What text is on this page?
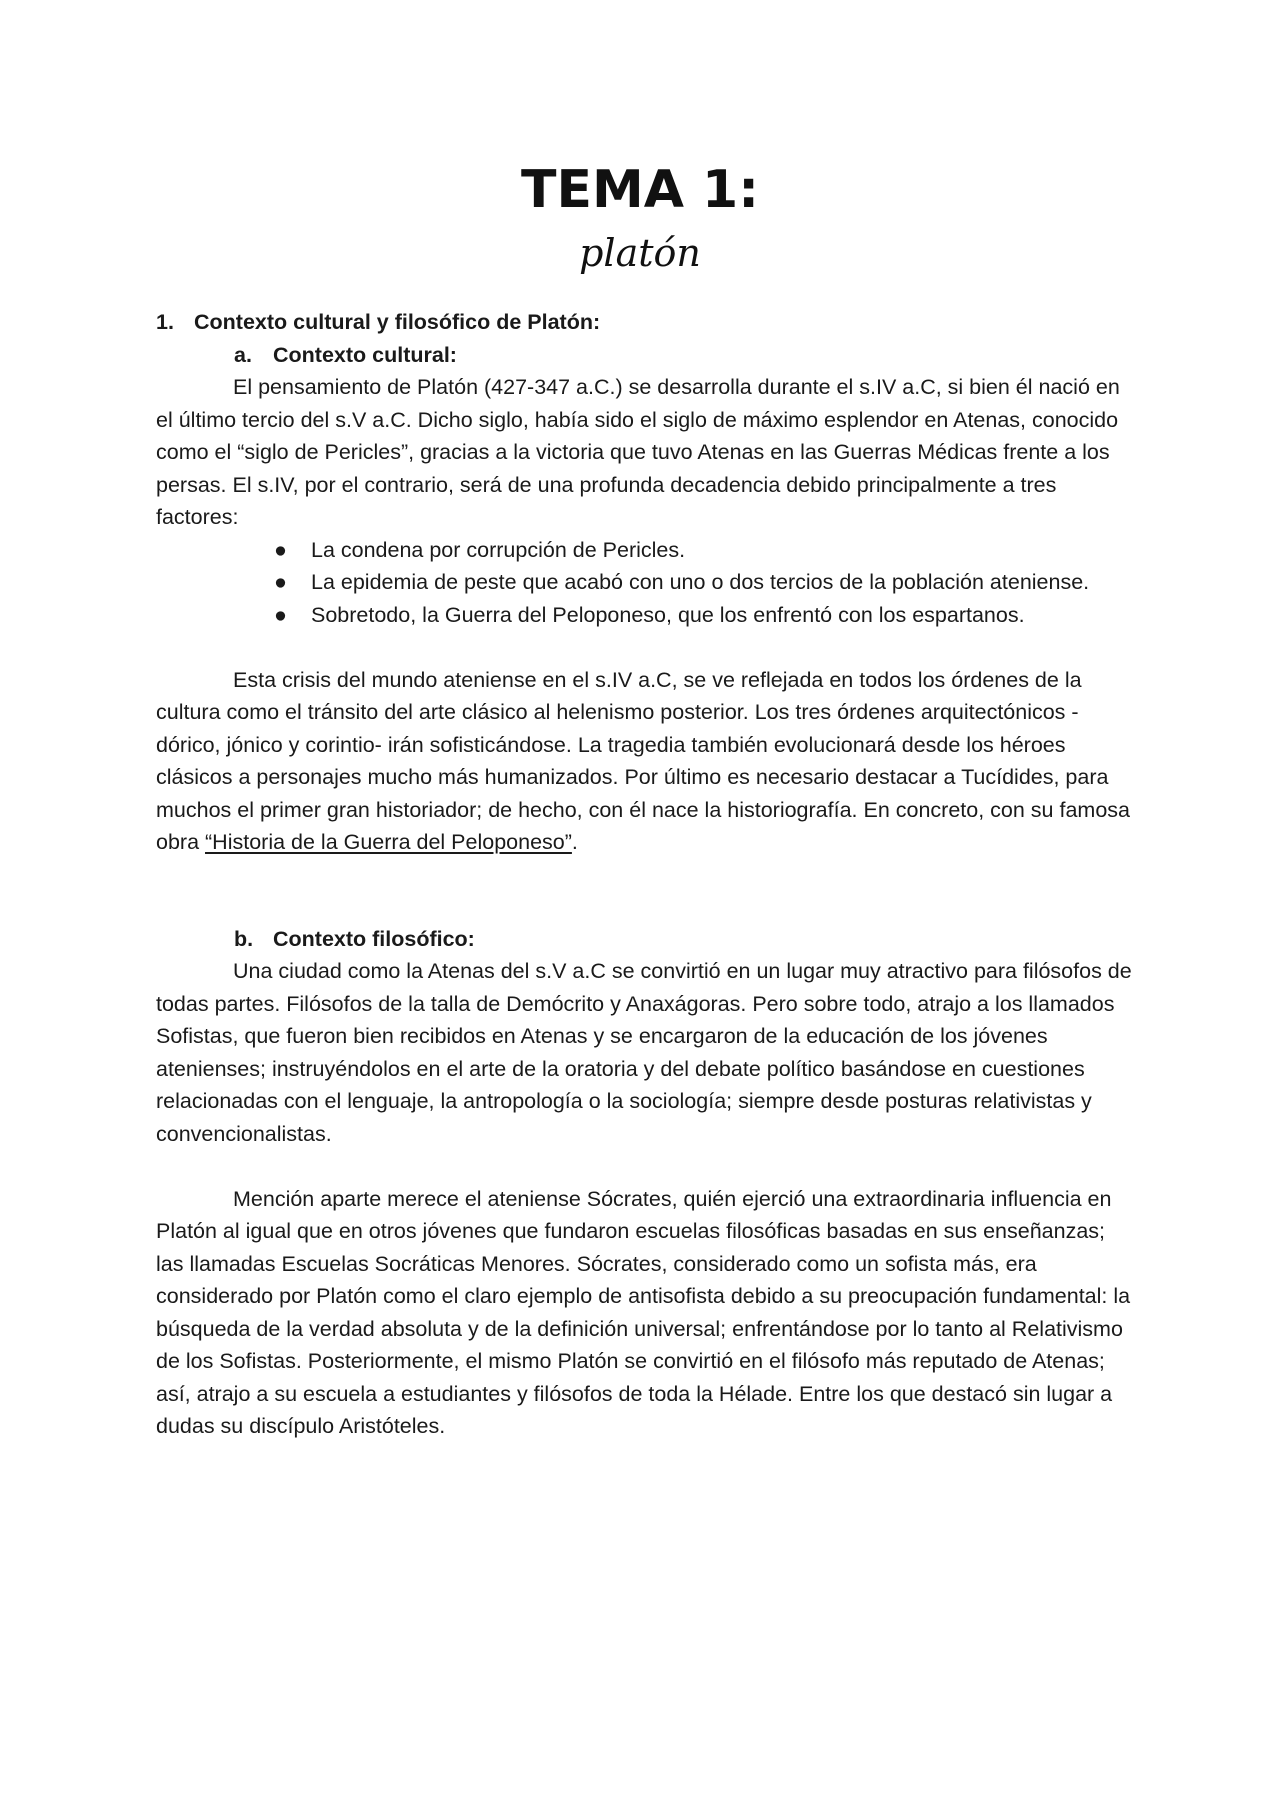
TEMA 1:
platón
1. Contexto cultural y filosófico de Platón:
a. Contexto cultural:

El pensamiento de Platón (427-347 a.C.) se desarrolla durante el s.IV a.C, si bien él nació en el último tercio del s.V a.C. Dicho siglo, había sido el siglo de máximo esplendor en Atenas, conocido como el “siglo de Pericles”, gracias a la victoria que tuvo Atenas en las Guerras Médicas frente a los persas. El s.IV, por el contrario, será de una profunda decadencia debido principalmente a tres factores:

● La condena por corrupción de Pericles.
● La epidemia de peste que acabó con uno o dos tercios de la población ateniense.
● Sobretodo, la Guerra del Peloponeso, que los enfrentó con los espartanos.

Esta crisis del mundo ateniense en el s.IV a.C, se ve reflejada en todos los órdenes de la cultura como el tránsito del arte clásico al helenismo posterior. Los tres órdenes arquitectónicos -dórico, jónico y corintio- irán sofisticándose. La tragedia también evolucionará desde los héroes clásicos a personajes mucho más humanizados. Por último es necesario destacar a Tucídides, para muchos el primer gran historiador; de hecho, con él nace la historiografía. En concreto, con su famosa obra “Historia de la Guerra del Peloponeso”.

b. Contexto filosófico:

Una ciudad como la Atenas del s.V a.C se convirtió en un lugar muy atractivo para filósofos de todas partes. Filósofos de la talla de Demócrito y Anaxágoras. Pero sobre todo, atrajo a los llamados Sofistas, que fueron bien recibidos en Atenas y se encargaron de la educación de los jóvenes atenienses; instruyéndolos en el arte de la oratoria y del debate político basándose en cuestiones relacionadas con el lenguaje, la antropología o la sociología; siempre desde posturas relativistas y convencionalistas.

Mención aparte merece el ateniense Sócrates, quién ejerció una extraordinaria influencia en Platón al igual que en otros jóvenes que fundaron escuelas filosóficas basadas en sus enseñanzas; las llamadas Escuelas Socráticas Menores. Sócrates, considerado como un sofista más, era considerado por Platón como el claro ejemplo de antisofista debido a su preocupación fundamental: la búsqueda de la verdad absoluta y de la definición universal; enfrentándose por lo tanto al Relativismo de los Sofistas. Posteriormente, el mismo Platón se convirtió en el filósofo más reputado de Atenas; así, atrajo a su escuela a estudiantes y filósofos de toda la Hélade. Entre los que destacó sin lugar a dudas su discípulo Aristóteles.
